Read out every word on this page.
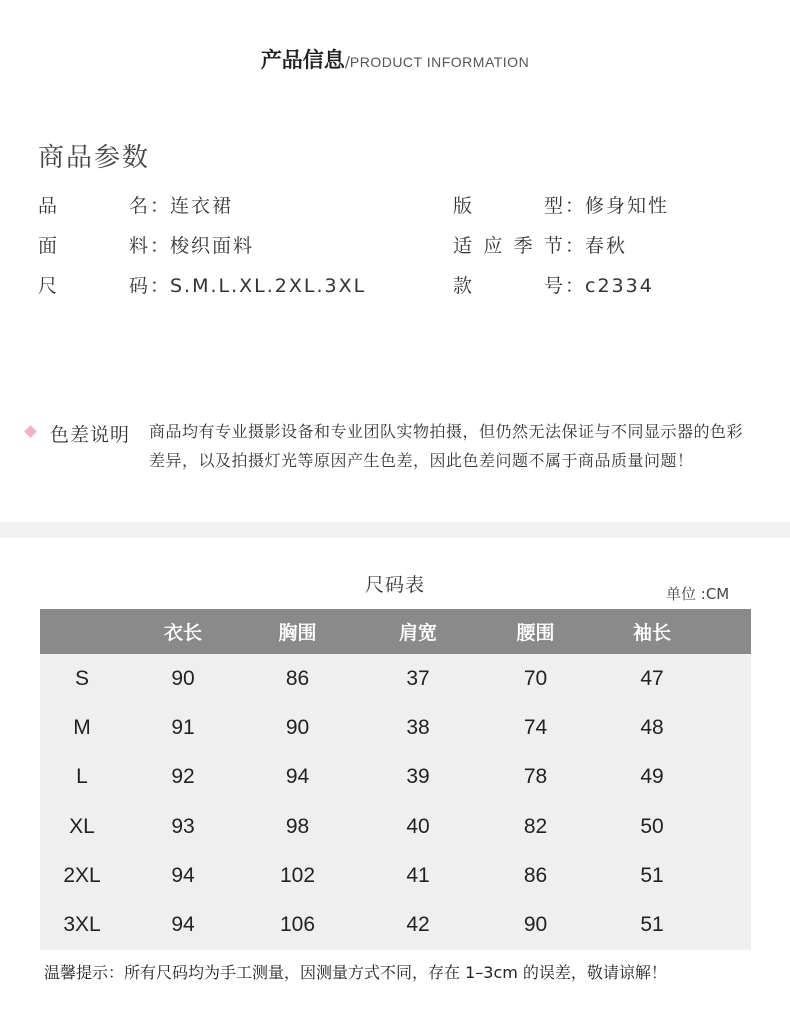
产品信息/PRODUCT INFORMATION
商品参数
品名：连衣裙
面料：梭织面料
尺码：S.M.L.XL.2XL.3XL
版型：修身知性
适应季节：春秋
款号：c2334
色差说明 商品均有专业摄影设备和专业团队实物拍摄，但仍然无法保证与不同显示器的色彩差异，以及拍摄灯光等原因产生色差，因此色差问题不属于商品质量问题！
尺码表	单位 :CM
	衣长	胸围	肩宽	腰围	袖长	
S	90	86	37	70	47	
M	91	90	38	74	48	
L	92	94	39	78	49	
XL	93	98	40	82	50	
2XL	94	102	41	86	51	
3XL	94	106	42	90	51	
温馨提示：所有尺码均为手工测量，因测量方式不同，存在 1–3cm 的误差，敬请谅解！
